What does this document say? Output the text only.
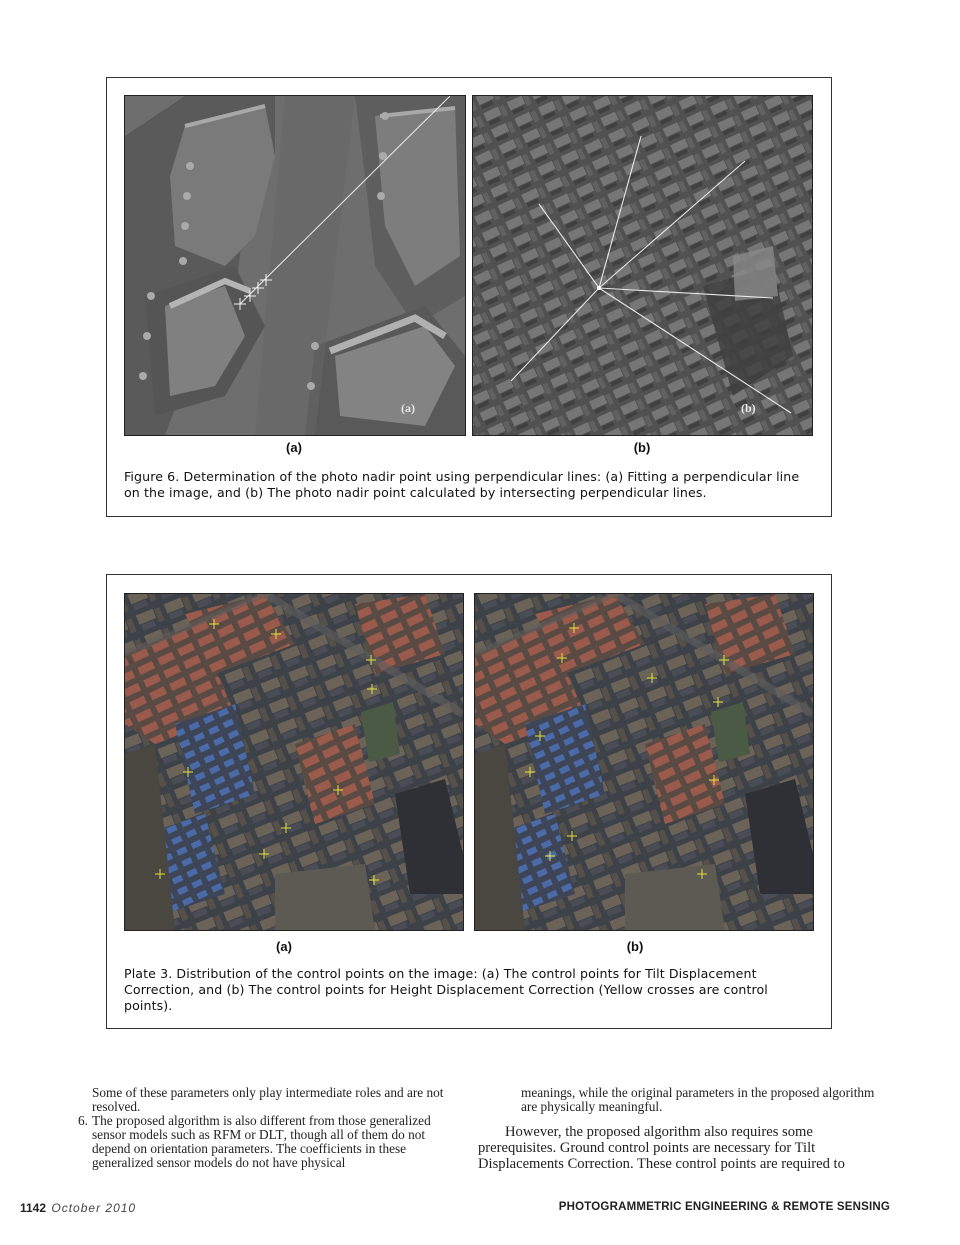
(a)	(b)
(a)	(b)
Figure 6. Determination of the photo nadir point using perpendicular lines: (a) Fitting a perpendicular line on the image, and (b) The photo nadir point calculated by intersecting perpendicular lines.
(a)	(b)
Plate 3. Distribution of the control points on the image: (a) The control points for Tilt Displacement Correction, and (b) The control points for Height Displacement Correction (Yellow crosses are control points).

Some of these parameters only play intermediate roles and are not resolved.

6. The proposed algorithm is also different from those generalized sensor models such as RFM or DLT, though all of them do not depend on orientation parameters. The coefficients in these generalized sensor models do not have physical

meanings, while the original parameters in the proposed algorithm are physically meaningful.

However, the proposed algorithm also requires some prerequisites. Ground control points are necessary for Tilt Displacements Correction. These control points are required to

1142 October 2010	PHOTOGRAMMETRIC ENGINEERING & REMOTE SENSING
